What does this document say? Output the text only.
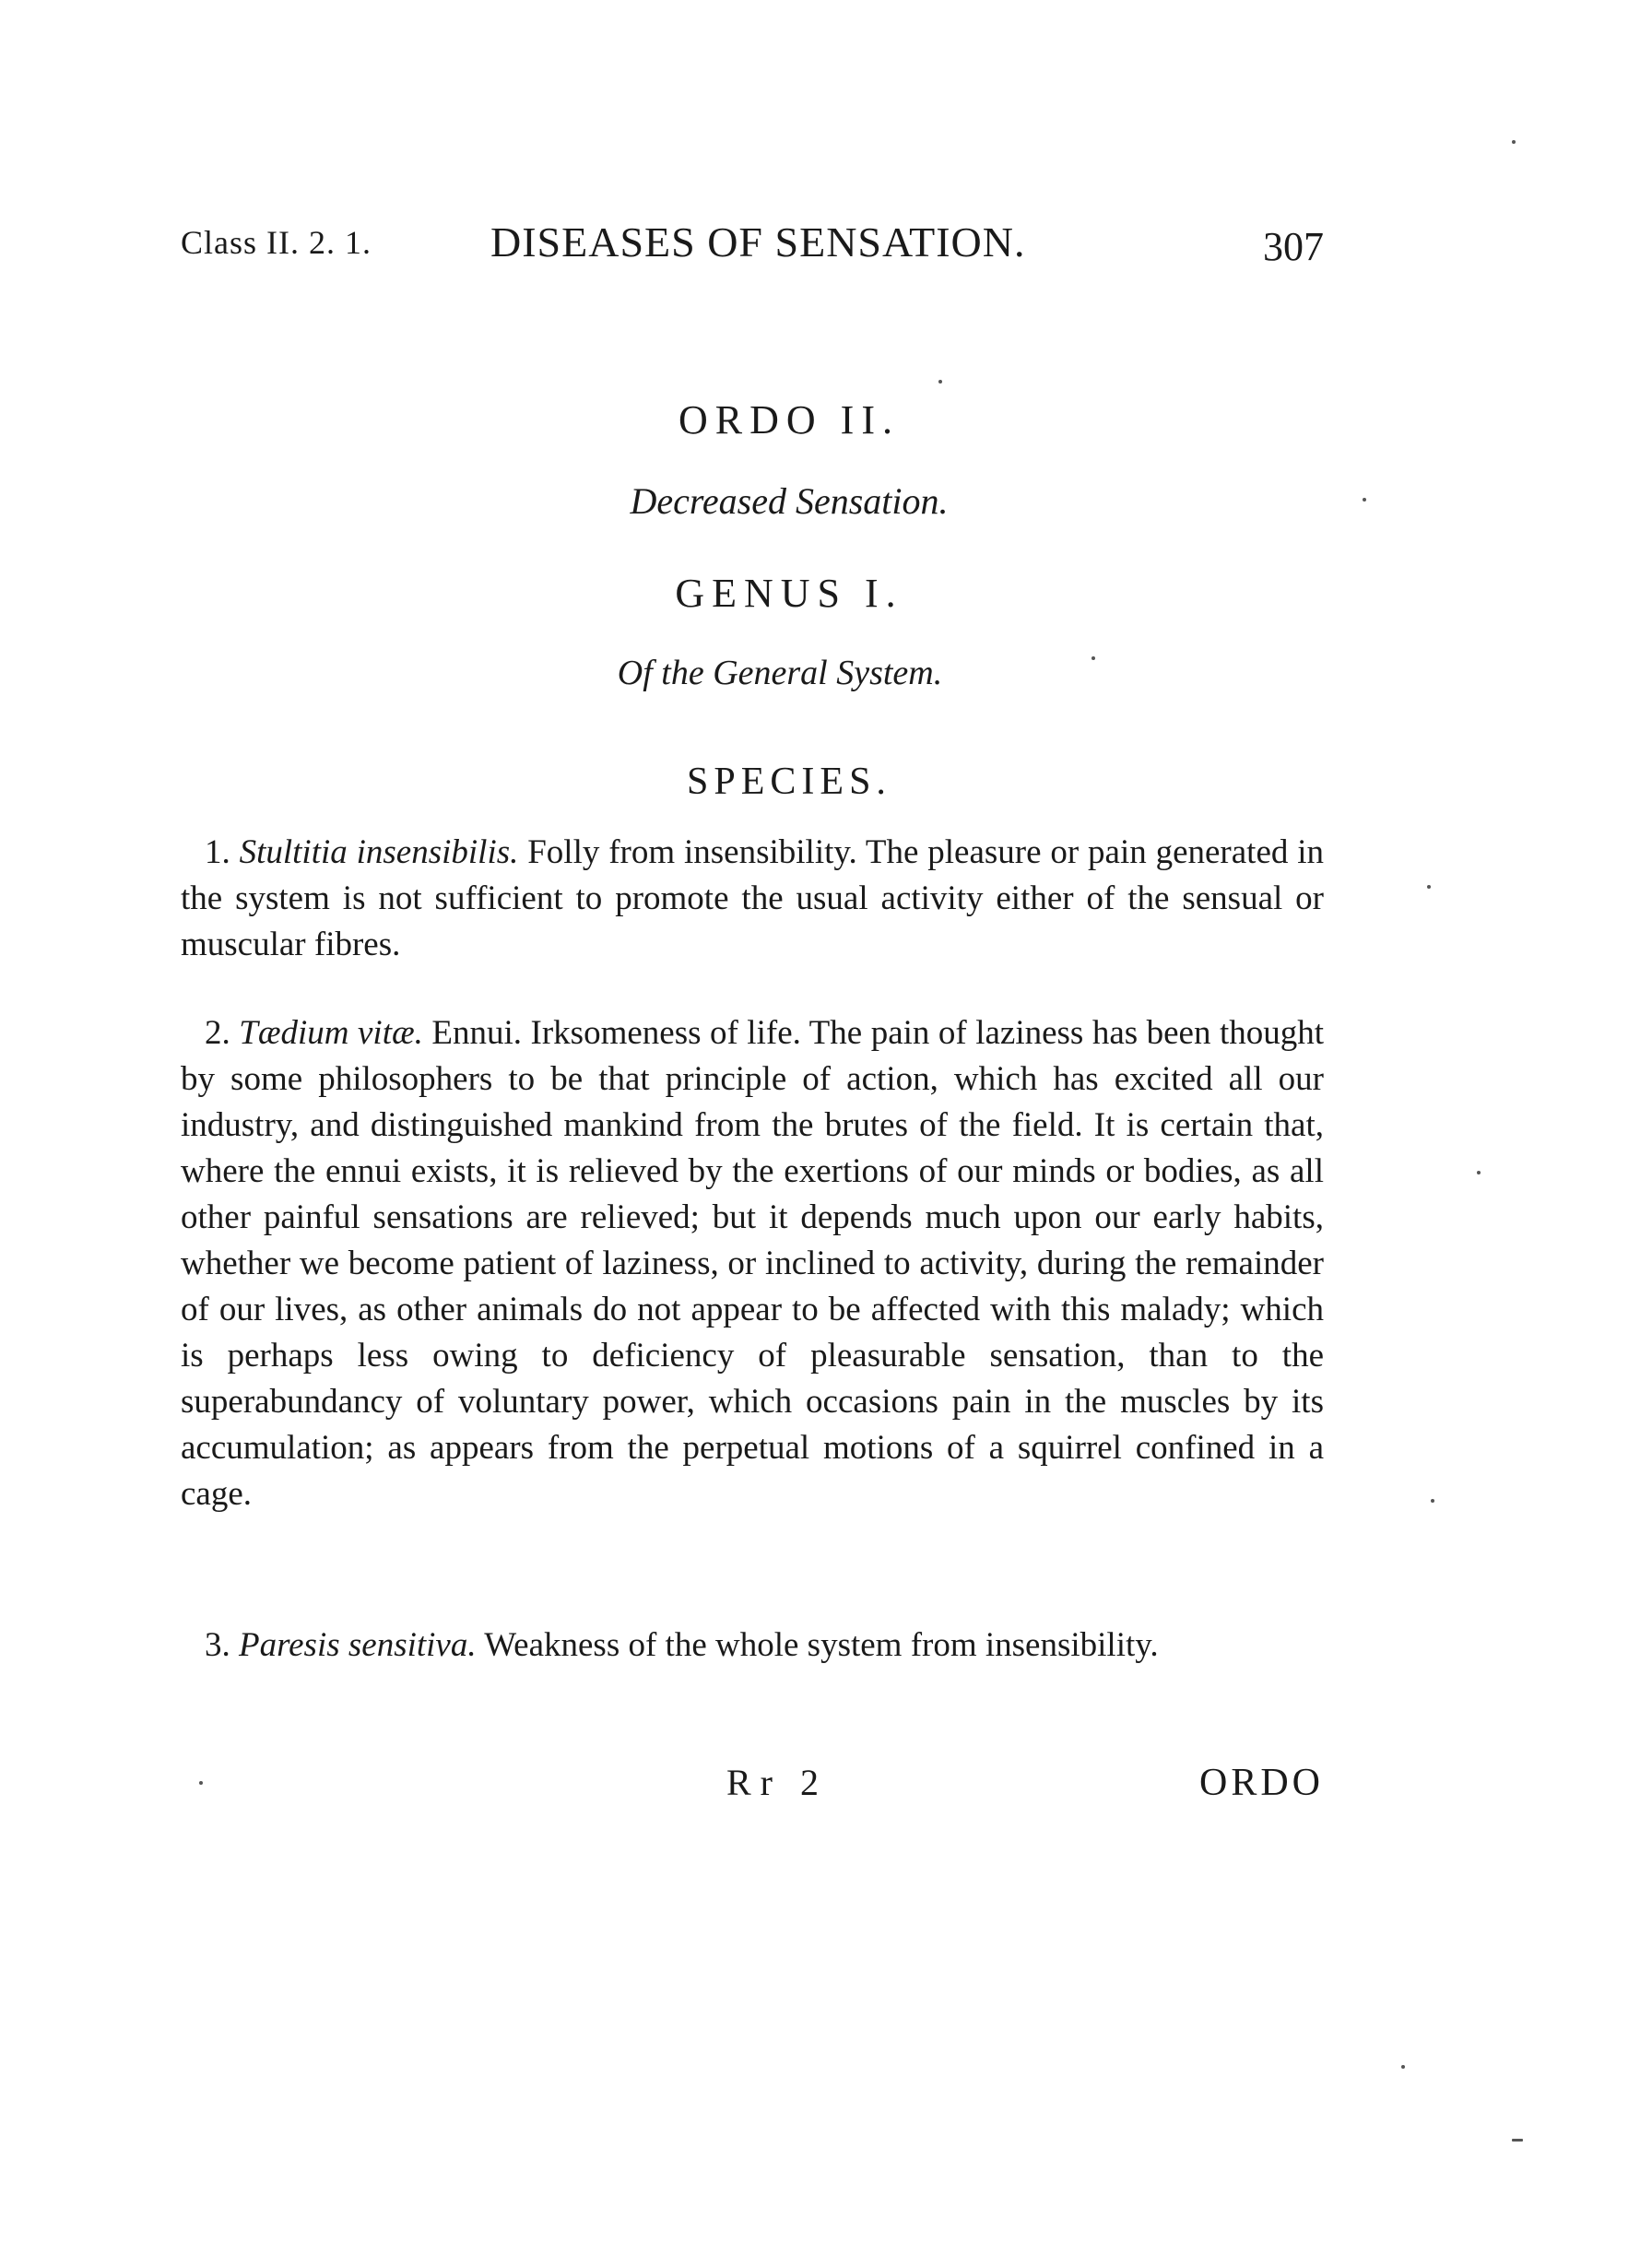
Class II. 2. 1.	DISEASES OF SENSATION.	307
ORDO II.
Decreased Sensation.
GENUS I.
Of the General System.
SPECIES.

1. Stultitia insensibilis. Folly from insensibility. The pleasure or pain generated in the system is not sufficient to promote the usual activity either of the sensual or muscular fibres.

2. Tædium vitæ. Ennui. Irksomeness of life. The pain of laziness has been thought by some philosophers to be that principle of action, which has excited all our industry, and distinguished mankind from the brutes of the field. It is certain that, where the ennui exists, it is relieved by the exertions of our minds or bodies, as all other painful sensations are relieved; but it depends much upon our early habits, whether we become patient of laziness, or inclined to activity, during the remainder of our lives, as other animals do not appear to be affected with this malady; which is perhaps less owing to deficiency of pleasurable sensation, than to the superabundancy of voluntary power, which occasions pain in the muscles by its accumulation; as appears from the perpetual motions of a squirrel confined in a cage.

3. Paresis sensitiva. Weakness of the whole system from insensibility.

Rr 2	ORDO
